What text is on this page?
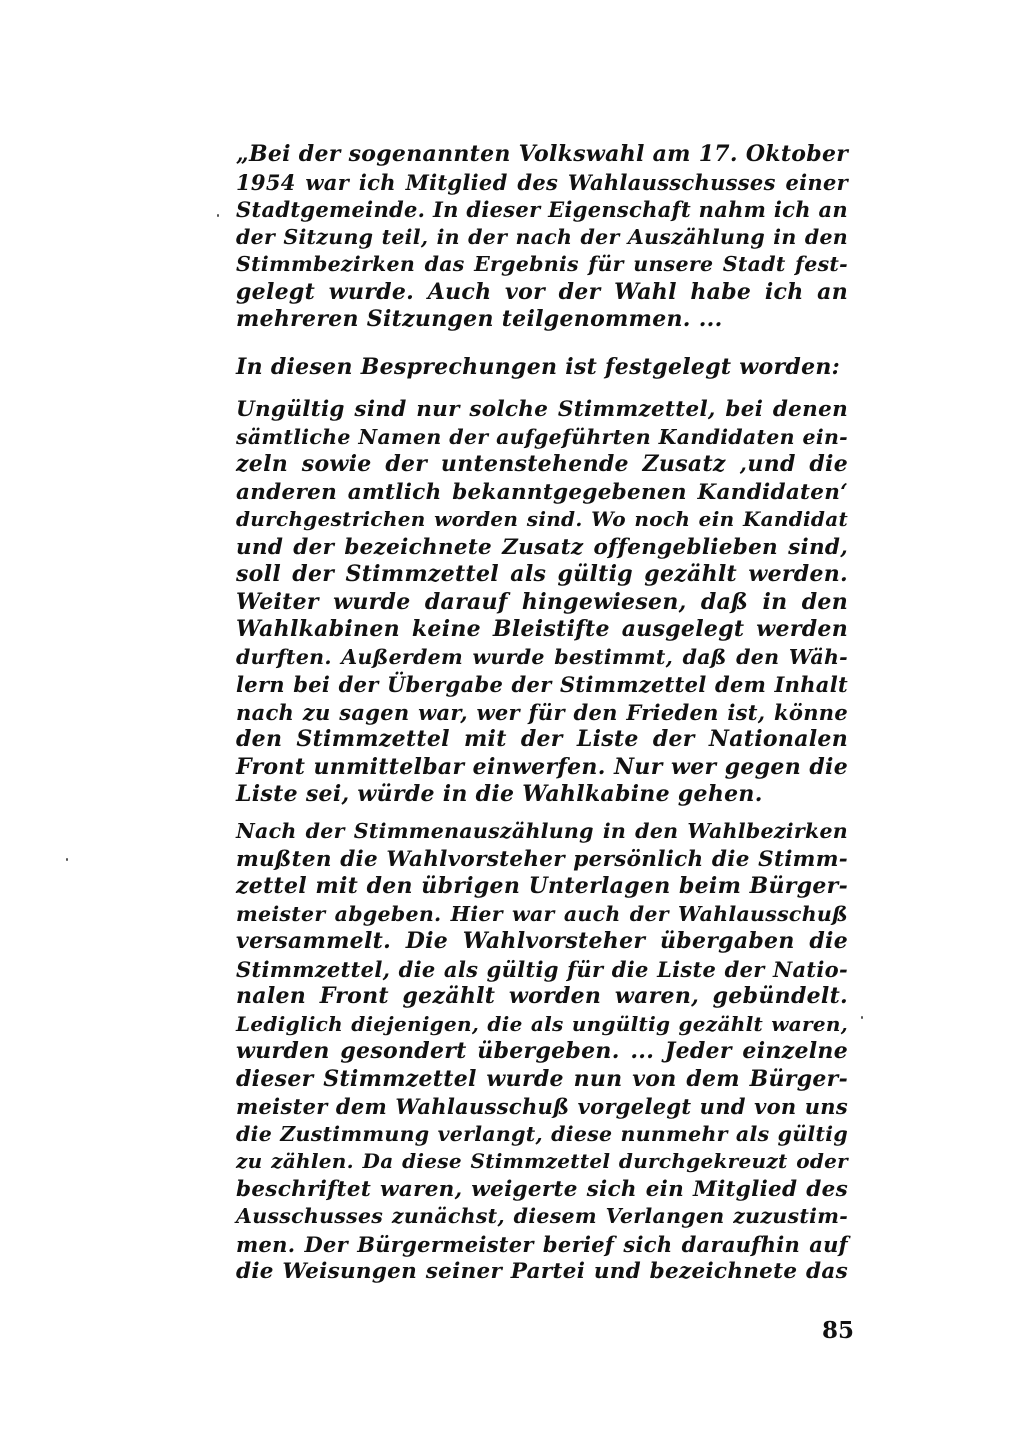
„Bei der sogenannten Volkswahl am 17. Oktober
1954 war ich Mitglied des Wahlausschusses einer
Stadtgemeinde. In dieser Eigenschaft nahm ich an
der Sitzung teil, in der nach der Auszählung in den
Stimmbezirken das Ergebnis für unsere Stadt fest-
gelegt wurde. Auch vor der Wahl habe ich an
mehreren Sitzungen teilgenommen. ...
In diesen Besprechungen ist festgelegt worden:
Ungültig sind nur solche Stimmzettel, bei denen
sämtliche Namen der aufgeführten Kandidaten ein-
zeln sowie der untenstehende Zusatz ‚und die
anderen amtlich bekanntgegebenen Kandidaten‘
durchgestrichen worden sind. Wo noch ein Kandidat
und der bezeichnete Zusatz offengeblieben sind,
soll der Stimmzettel als gültig gezählt werden.
Weiter wurde darauf hingewiesen, daß in den
Wahlkabinen keine Bleistifte ausgelegt werden
durften. Außerdem wurde bestimmt, daß den Wäh-
lern bei der Übergabe der Stimmzettel dem Inhalt
nach zu sagen war, wer für den Frieden ist, könne
den Stimmzettel mit der Liste der Nationalen
Front unmittelbar einwerfen. Nur wer gegen die
Liste sei, würde in die Wahlkabine gehen.
Nach der Stimmenauszählung in den Wahlbezirken
mußten die Wahlvorsteher persönlich die Stimm-
zettel mit den übrigen Unterlagen beim Bürger-
meister abgeben. Hier war auch der Wahlausschuß
versammelt. Die Wahlvorsteher übergaben die
Stimmzettel, die als gültig für die Liste der Natio-
nalen Front gezählt worden waren, gebündelt.
Lediglich diejenigen, die als ungültig gezählt waren,
wurden gesondert übergeben. ... Jeder einzelne
dieser Stimmzettel wurde nun von dem Bürger-
meister dem Wahlausschuß vorgelegt und von uns
die Zustimmung verlangt, diese nunmehr als gültig
zu zählen. Da diese Stimmzettel durchgekreuzt oder
beschriftet waren, weigerte sich ein Mitglied des
Ausschusses zunächst, diesem Verlangen zuzustim-
men. Der Bürgermeister berief sich daraufhin auf
die Weisungen seiner Partei und bezeichnete das
85
